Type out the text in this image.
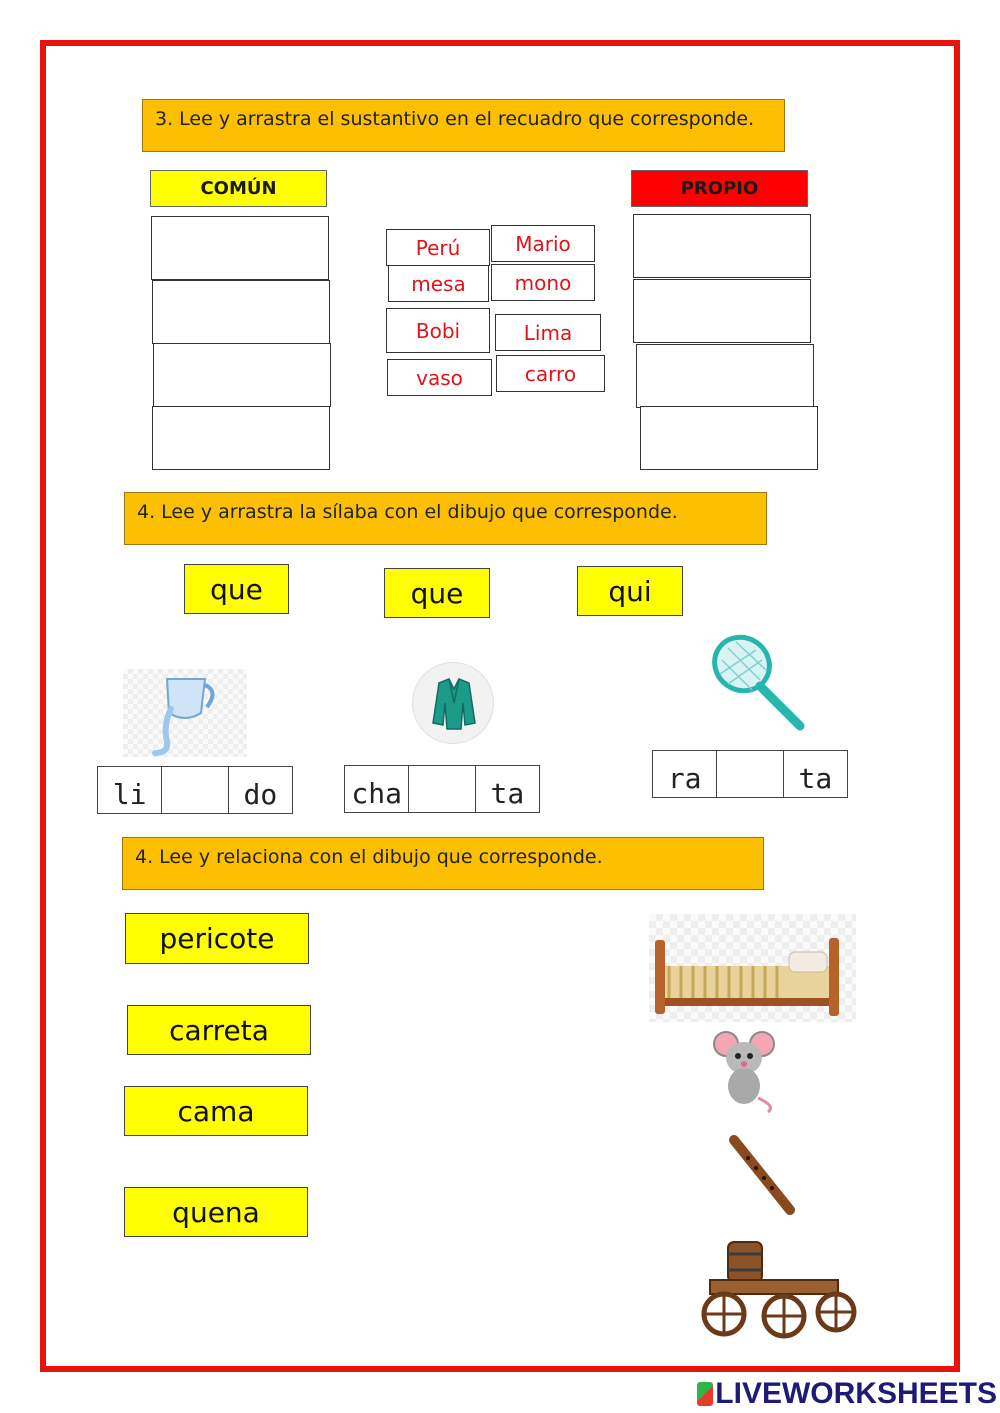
3. Lee y arrastra el sustantivo en el recuadro que corresponde.
COMÚN	PROPIO
Perú	Mario
mesa	mono
Bobi	Lima
vaso	carro
4. Lee y arrastra la sílaba con el dibujo que corresponde.
que	que	qui
li	do	cha	ta	ra	ta
4. Lee y relaciona con el dibujo que corresponde.
pericote
carreta
cama
quena
LIVEWORKSHEETS
